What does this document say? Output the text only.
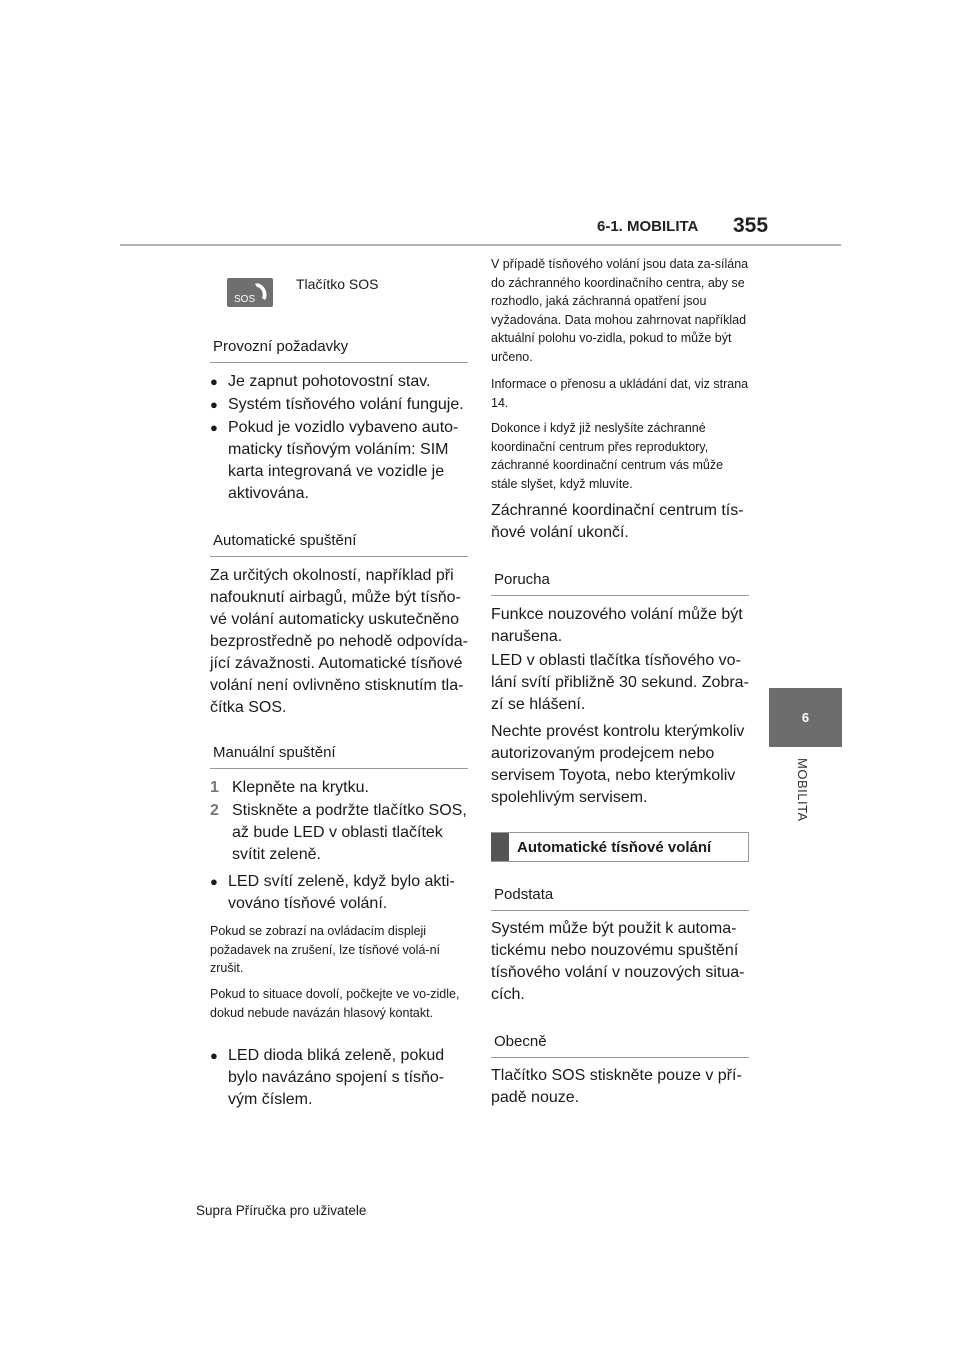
6-1. MOBILITA 355
6
MOBILITA
SOS
Tlačítko SOS
Provozní požadavky
● Je zapnut pohotovostní stav.
● Systém tísňového volání funguje.
● Pokud je vozidlo vybaveno auto-maticky tísňovým voláním: SIM karta integrovaná ve vozidle je aktivována.
Automatické spuštění

Za určitých okolností, například při nafouknutí airbagů, může být tísňo-vé volání automaticky uskutečněno bezprostředně po nehodě odpovída-jící závažnosti. Automatické tísňové volání není ovlivněno stisknutím tla-čítka SOS.

Manuální spuštění
1 Klepněte na krytku.
2 Stiskněte a podržte tlačítko SOS, až bude LED v oblasti tlačítek svítit zeleně.
● LED svítí zeleně, když bylo akti-vováno tísňové volání.

Pokud se zobrazí na ovládacím displeji požadavek na zrušení, lze tísňové volá-ní zrušit.

Pokud to situace dovolí, počkejte ve vo-zidle, dokud nebude navázán hlasový kontakt.

● LED dioda bliká zeleně, pokud bylo navázáno spojení s tísňo-vým číslem.

V případě tísňového volání jsou data za-sílána do záchranného koordinačního centra, aby se rozhodlo, jaká záchranná opatření jsou vyžadována. Data mohou zahrnovat například aktuální polohu vo-zidla, pokud to může být určeno.

Informace o přenosu a ukládání dat, viz strana 14.

Dokonce i když již neslyšíte záchranné koordinační centrum přes reproduktory, záchranné koordinační centrum vás může stále slyšet, když mluvíte.

Záchranné koordinační centrum tís-ňové volání ukončí.

Porucha

Funkce nouzového volání může být narušena.

LED v oblasti tlačítka tísňového vo-lání svítí přibližně 30 sekund. Zobra-zí se hlášení.

Nechte provést kontrolu kterýmkoliv autorizovaným prodejcem nebo servisem Toyota, nebo kterýmkoliv spolehlivým servisem.

Automatické tísňové volání
Podstata

Systém může být použit k automa-tickému nebo nouzovému spuštění tísňového volání v nouzových situa-cích.

Obecně

Tlačítko SOS stiskněte pouze v pří-padě nouze.

Supra Příručka pro uživatele
